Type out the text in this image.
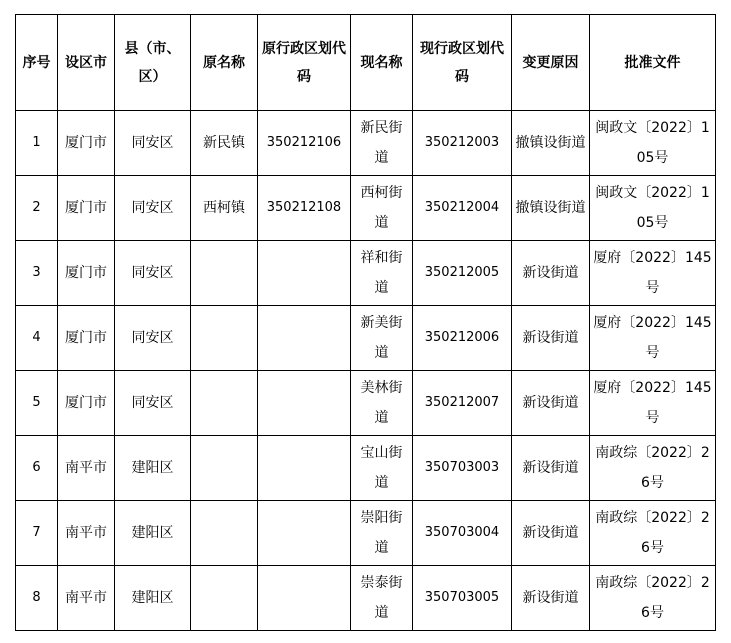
序号	设区市	县（市、区）	原名称	原行政区划代码	现名称	现行政区划代码	变更原因	批准文件
1	厦门市	同安区	新民镇	350212106	新民街道	350212003	撤镇设街道	闽政文〔2022〕105号
2	厦门市	同安区	西柯镇	350212108	西柯街道	350212004	撤镇设街道	闽政文〔2022〕105号
3	厦门市	同安区			祥和街道	350212005	新设街道	厦府〔2022〕145号
4	厦门市	同安区			新美街道	350212006	新设街道	厦府〔2022〕145号
5	厦门市	同安区			美林街道	350212007	新设街道	厦府〔2022〕145号
6	南平市	建阳区			宝山街道	350703003	新设街道	南政综〔2022〕26号
7	南平市	建阳区			崇阳街道	350703004	新设街道	南政综〔2022〕26号
8	南平市	建阳区			崇泰街道	350703005	新设街道	南政综〔2022〕26号
